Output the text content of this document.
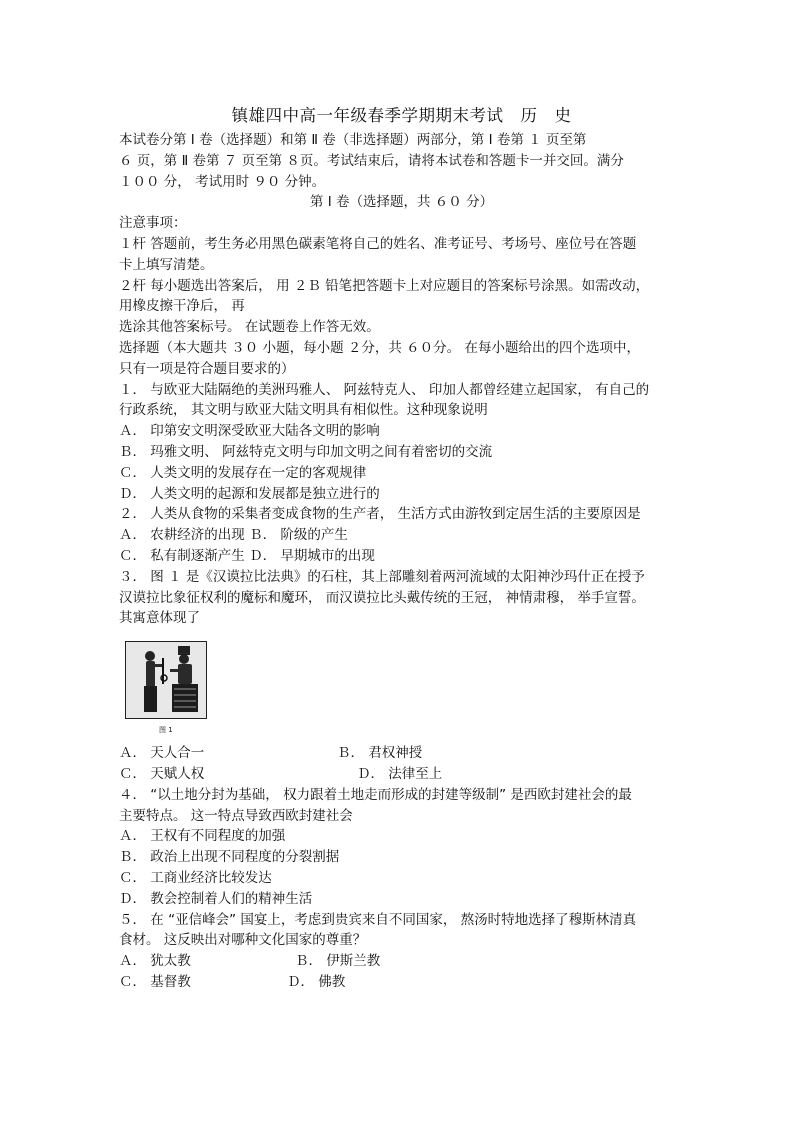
镇雄四中高一年级春季学期期末考试　历　史
本试卷分第 Ⅰ 卷（选择题）和第 Ⅱ 卷（非选择题）两部分，第 Ⅰ 卷第 １ 页至第
６ 页，第 Ⅱ 卷第 ７ 页至第 ８页。考试结束后，请将本试卷和答题卡一并交回。满分
１００ 分， 考试用时 ９０ 分钟。
第 Ⅰ 卷（选择题，共 ６０ 分）
注意事项：
１杆 答题前，考生务必用黑色碳素笔将自己的姓名、准考证号、考场号、座位号在答题
卡上填写清楚。
２杆 每小题选出答案后， 用 ２Ｂ 铅笔把答题卡上对应题目的答案标号涂黑。如需改动，
用橡皮擦干净后， 再
选涂其他答案标号。 在试题卷上作答无效。
选择题（本大题共 ３０ 小题，每小题 ２分，共 ６０分。 在每小题给出的四个选项中，
只有一项是符合题目要求的）
１． 与欧亚大陆隔绝的美洲玛雅人、 阿兹特克人、 印加人都曾经建立起国家， 有自己的
行政系统， 其文明与欧亚大陆文明具有相似性。这种现象说明
Ａ． 印第安文明深受欧亚大陆各文明的影响
Ｂ． 玛雅文明、 阿兹特克文明与印加文明之间有着密切的交流
Ｃ． 人类文明的发展存在一定的客观规律
Ｄ． 人类文明的起源和发展都是独立进行的
２． 人类从食物的采集者变成食物的生产者， 生活方式由游牧到定居生活的主要原因是
Ａ． 农耕经济的出现 Ｂ． 阶级的产生
Ｃ． 私有制逐渐产生 Ｄ． 早期城市的出现
３． 图 １ 是《汉谟拉比法典》的石柱，其上部雕刻着两河流域的太阳神沙玛什正在授予
汉谟拉比象征权利的魔标和魔环， 而汉谟拉比头戴传统的王冠， 神情肃穆， 举手宣誓。
其寓意体现了
图 1
Ａ． 天人合一	Ｂ． 君权神授
Ｃ． 天赋人权	Ｄ． 法律至上
４． “以土地分封为基础， 权力跟着土地走而形成的封建等级制” 是西欧封建社会的最
主要特点。 这一特点导致西欧封建社会
Ａ． 王权有不同程度的加强
Ｂ． 政治上出现不同程度的分裂割据
Ｃ． 工商业经济比较发达
Ｄ． 教会控制着人们的精神生活
５． 在 “亚信峰会” 国宴上，考虑到贵宾来自不同国家， 熬汤时特地选择了穆斯林清真
食材。 这反映出对哪种文化国家的尊重？
Ａ． 犹太教	Ｂ． 伊斯兰教
Ｃ． 基督教	Ｄ． 佛教
